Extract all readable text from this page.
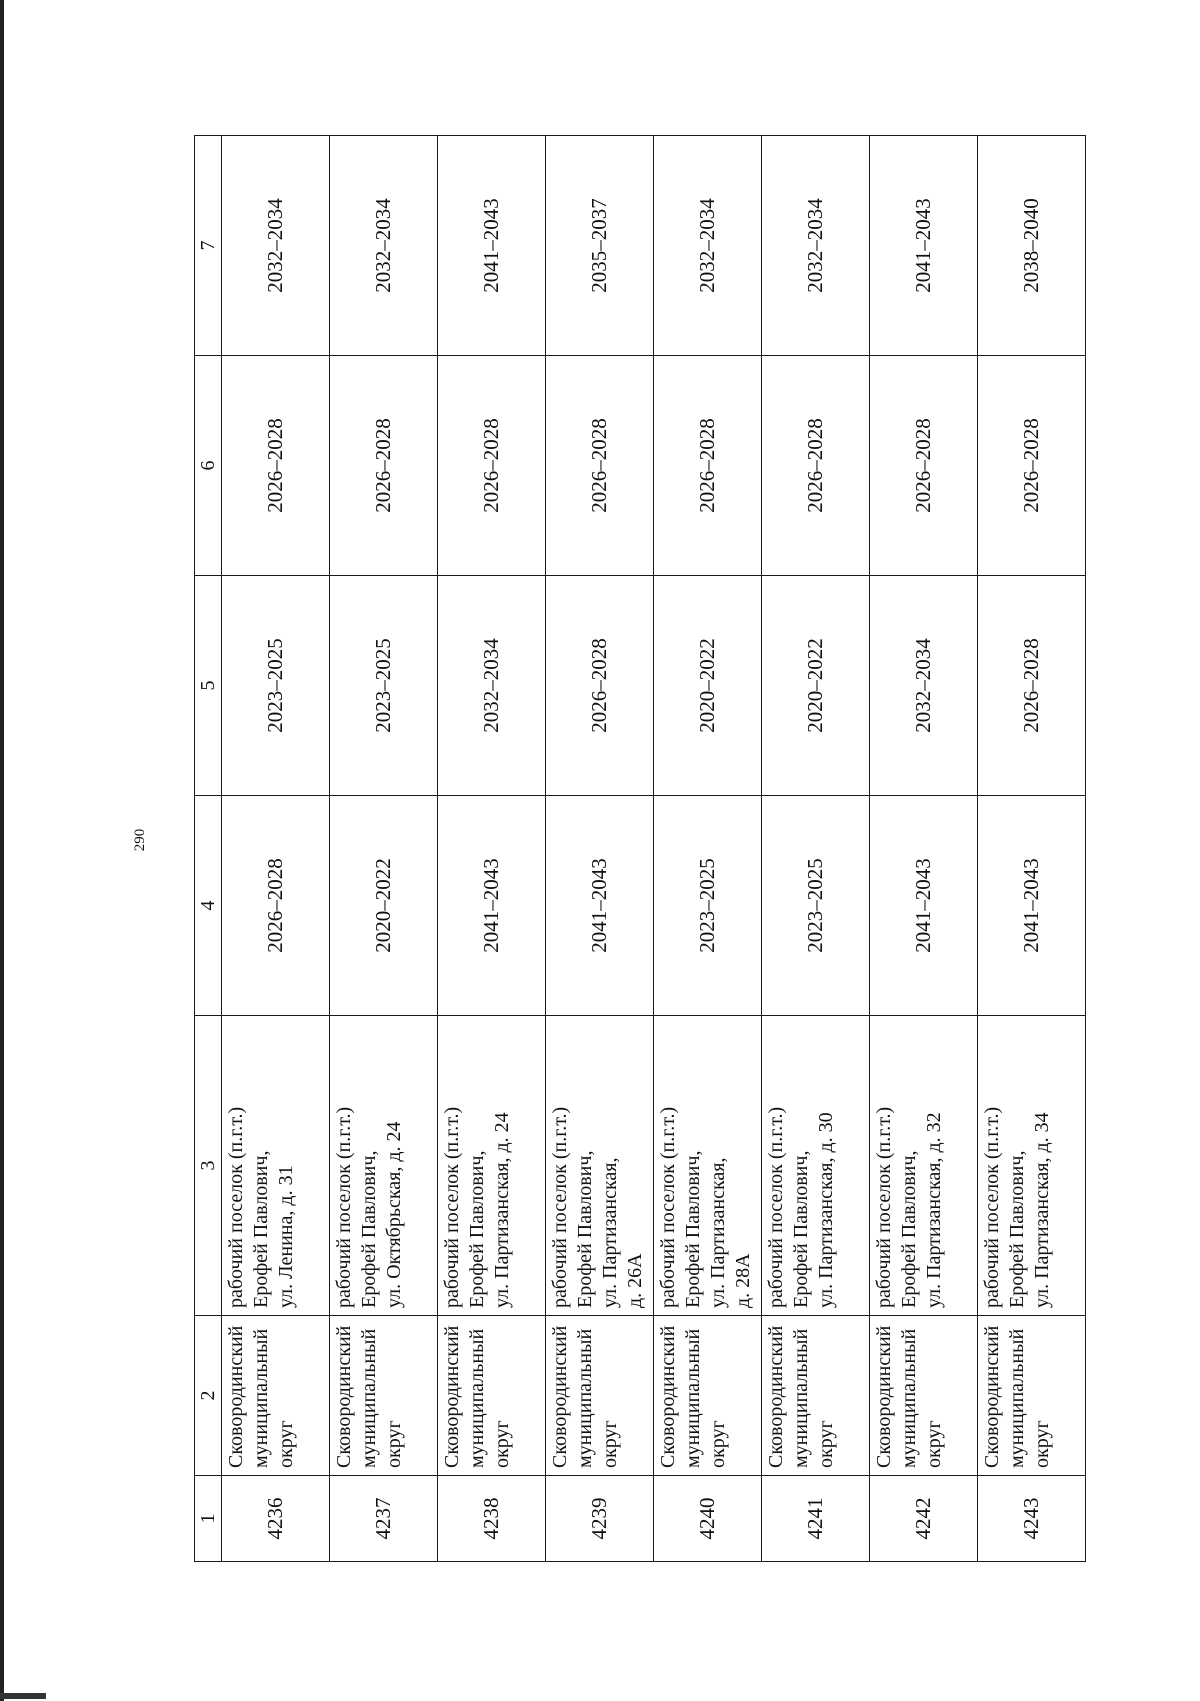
290
1	2	3	4	5	6	7
4236	Сковородинский муниципальный округ	рабочий поселок (п.г.т.) Ерофей Павлович, ул. Ленина, д. 31	2026–2028	2023–2025	2026–2028	2032–2034
4237	Сковородинский муниципальный округ	рабочий поселок (п.г.т.) Ерофей Павлович, ул. Октябрьская, д. 24	2020–2022	2023–2025	2026–2028	2032–2034
4238	Сковородинский муниципальный округ	рабочий поселок (п.г.т.) Ерофей Павлович, ул. Партизанская, д. 24	2041–2043	2032–2034	2026–2028	2041–2043
4239	Сковородинский муниципальный округ	рабочий поселок (п.г.т.) Ерофей Павлович, ул. Партизанская, д. 26А	2041–2043	2026–2028	2026–2028	2035–2037
4240	Сковородинский муниципальный округ	рабочий поселок (п.г.т.) Ерофей Павлович, ул. Партизанская, д. 28А	2023–2025	2020–2022	2026–2028	2032–2034
4241	Сковородинский муниципальный округ	рабочий поселок (п.г.т.) Ерофей Павлович, ул. Партизанская, д. 30	2023–2025	2020–2022	2026–2028	2032–2034
4242	Сковородинский муниципальный округ	рабочий поселок (п.г.т.) Ерофей Павлович, ул. Партизанская, д. 32	2041–2043	2032–2034	2026–2028	2041–2043
4243	Сковородинский муниципальный округ	рабочий поселок (п.г.т.) Ерофей Павлович, ул. Партизанская, д. 34	2041–2043	2026–2028	2026–2028	2038–2040
